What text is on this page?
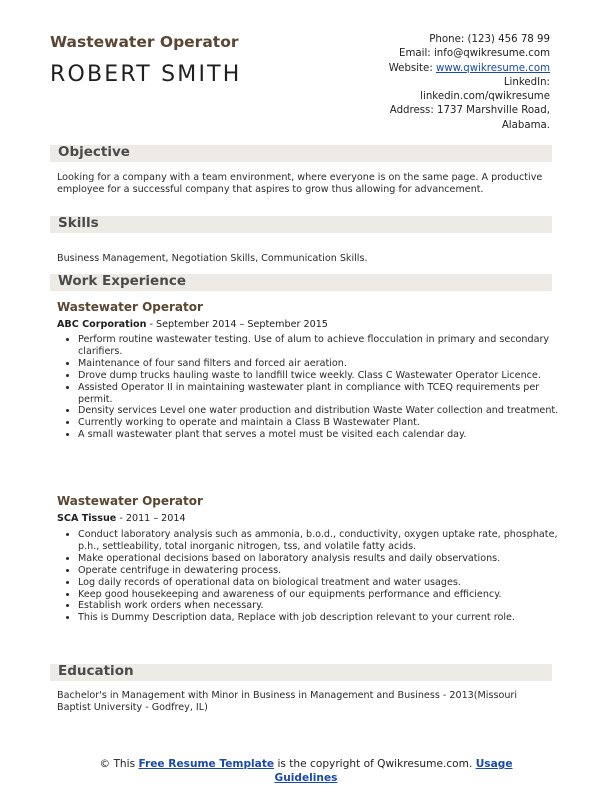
Wastewater Operator
ROBERT SMITH
Phone: (123) 456 78 99
Email: info@qwikresume.com
Website: www.qwikresume.com
LinkedIn:
linkedin.com/qwikresume
Address: 1737 Marshville Road,
Alabama.
Objective
Looking for a company with a team environment, where everyone is on the same page. A productive employee for a successful company that aspires to grow thus allowing for advancement.
Skills
Business Management, Negotiation Skills, Communication Skills.
Work Experience
Wastewater Operator
ABC Corporation - September 2014 – September 2015
• Perform routine wastewater testing. Use of alum to achieve flocculation in primary and secondary clarifiers.
• Maintenance of four sand filters and forced air aeration.
• Drove dump trucks hauling waste to landfill twice weekly. Class C Wastewater Operator Licence.
• Assisted Operator II in maintaining wastewater plant in compliance with TCEQ requirements per permit.
• Density services Level one water production and distribution Waste Water collection and treatment.
• Currently working to operate and maintain a Class B Wastewater Plant.
• A small wastewater plant that serves a motel must be visited each calendar day.
Wastewater Operator
SCA Tissue - 2011 – 2014
• Conduct laboratory analysis such as ammonia, b.o.d., conductivity, oxygen uptake rate, phosphate, p.h., settleability, total inorganic nitrogen, tss, and volatile fatty acids.
• Make operational decisions based on laboratory analysis results and daily observations.
• Operate centrifuge in dewatering process.
• Log daily records of operational data on biological treatment and water usages.
• Keep good housekeeping and awareness of our equipments performance and efficiency.
• Establish work orders when necessary.
• This is Dummy Description data, Replace with job description relevant to your current role.
Education
Bachelor's in Management with Minor in Business in Management and Business - 2013(Missouri Baptist University - Godfrey, IL)
© This Free Resume Template is the copyright of Qwikresume.com. Usage
Guidelines
